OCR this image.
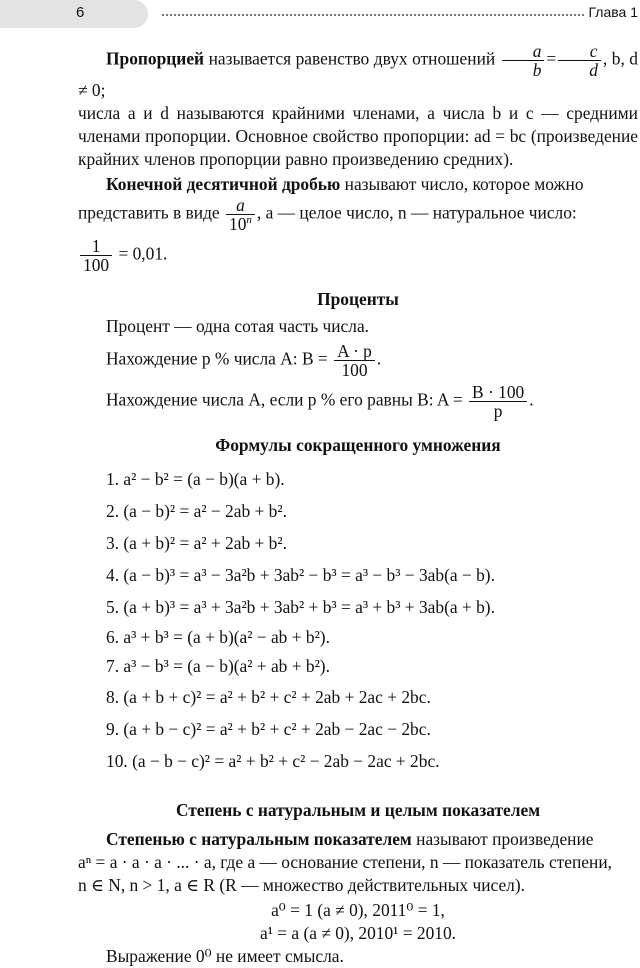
6	Глава 1

Пропорцией называется равенство двух отношений $\frac{a}{b} = \frac{c}{d}$ , b, d ≠ 0;

числа a и d называются крайними членами, а числа b и c — средними членами пропорции. Основное свойство пропорции: ad = bc (произведение крайних членов пропорции равно произведению средних).

Конечной десятичной дробью называют число, которое можно

представить в виде $\frac{a}{10^n}$ , a — целое число, n — натуральное число:

$\frac{1}{100} = 0,01$.

Проценты

Процент — одна сотая часть числа.

Нахождение p % числа A: $B = \frac{A \cdot p}{100}$ .

Нахождение числа A, если p % его равны B: $A = \frac{B \cdot 100}{p}$ .

Формулы сокращенного умножения

1. a² − b² = (a − b)(a + b).

2. (a − b)² = a² − 2ab + b².

3. (a + b)² = a² + 2ab + b².

4. (a − b)³ = a³ − 3a²b + 3ab² − b³ = a³ − b³ − 3ab(a − b).

5. (a + b)³ = a³ + 3a²b + 3ab² + b³ = a³ + b³ + 3ab(a + b).

6. a³ + b³ = (a + b)(a² − ab + b²).

7. a³ − b³ = (a − b)(a² + ab + b²).

8. (a + b + c)² = a² + b² + c² + 2ab + 2ac + 2bc.

9. (a + b − c)² = a² + b² + c² + 2ab − 2ac − 2bc.

10. (a − b − c)² = a² + b² + c² − 2ab − 2ac + 2bc.

Степень с натуральным и целым показателем

Степенью с натуральным показателем называют произведение

aⁿ = a · a · a · ... · a, где a — основание степени, n — показатель степени,

n ∈ N, n > 1, a ∈ R (R — множество действительных чисел).

a⁰ = 1 (a ≠ 0), 2011⁰ = 1,

a¹ = a (a ≠ 0), 2010¹ = 2010.

Выражение 0⁰ не имеет смысла.
